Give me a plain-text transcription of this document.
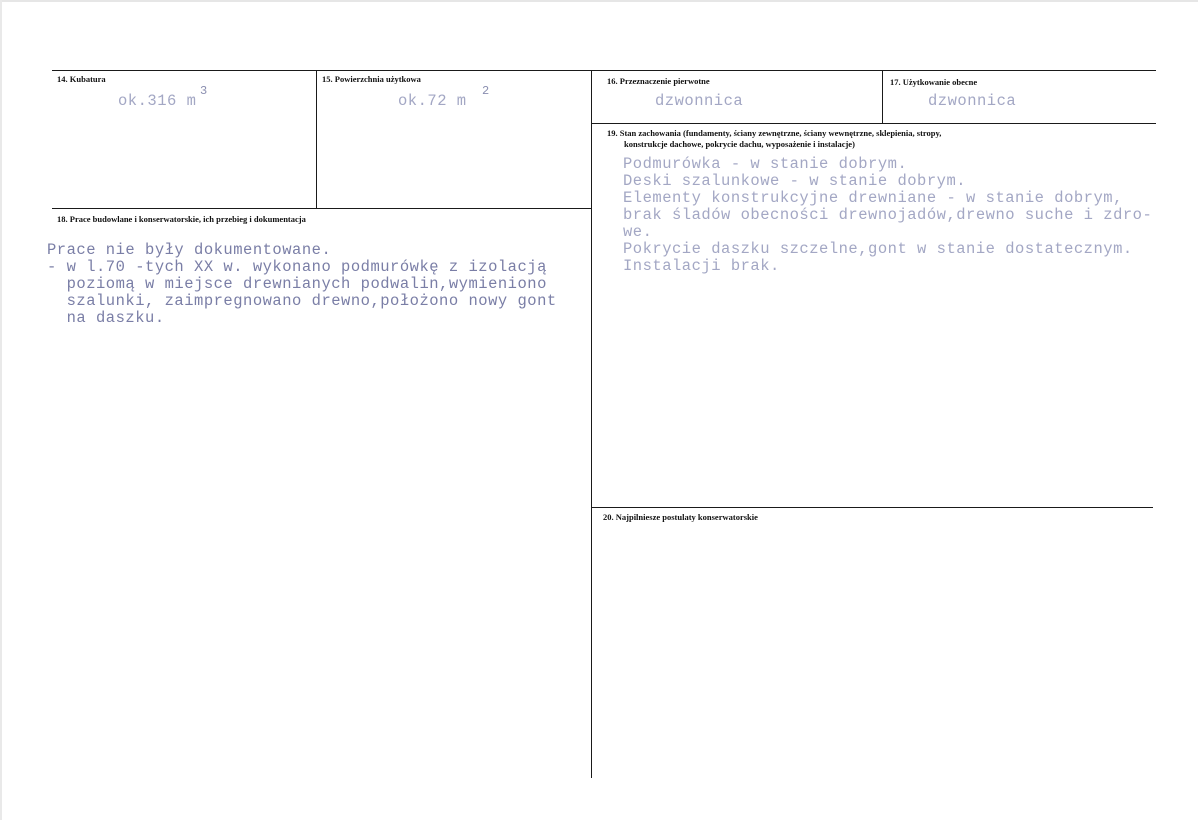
14. Kubatura
ok.316 m
3
15. Powierzchnia użytkowa
ok.72 m
2
16. Przeznaczenie pierwotne
dzwonnica
17. Użytkowanie obecne
dzwonnica
19. Stan zachowania (fundamenty, ściany zewnętrzne, ściany wewnętrzne, sklepienia, stropy,
konstrukcje dachowe, pokrycie dachu, wyposażenie i instalacje)
Podmurówka - w stanie dobrym.
Deski szalunkowe - w stanie dobrym.
Elementy konstrukcyjne drewniane - w stanie dobrym,
brak śladów obecności drewnojadów,drewno suche i zdro-
we.
Pokrycie daszku szczelne,gont w stanie dostatecznym.
Instalacji brak.
18. Prace budowlane i konserwatorskie, ich przebieg i dokumentacja
Prace nie były dokumentowane.
- w l.70 -tych XX w. wykonano podmurówkę z izolacją
poziomą w miejsce drewnianych podwalin,wymieniono
szalunki, zaimpregnowano drewno,położono nowy gont
na daszku.
20. Najpilniesze postulaty konserwatorskie
